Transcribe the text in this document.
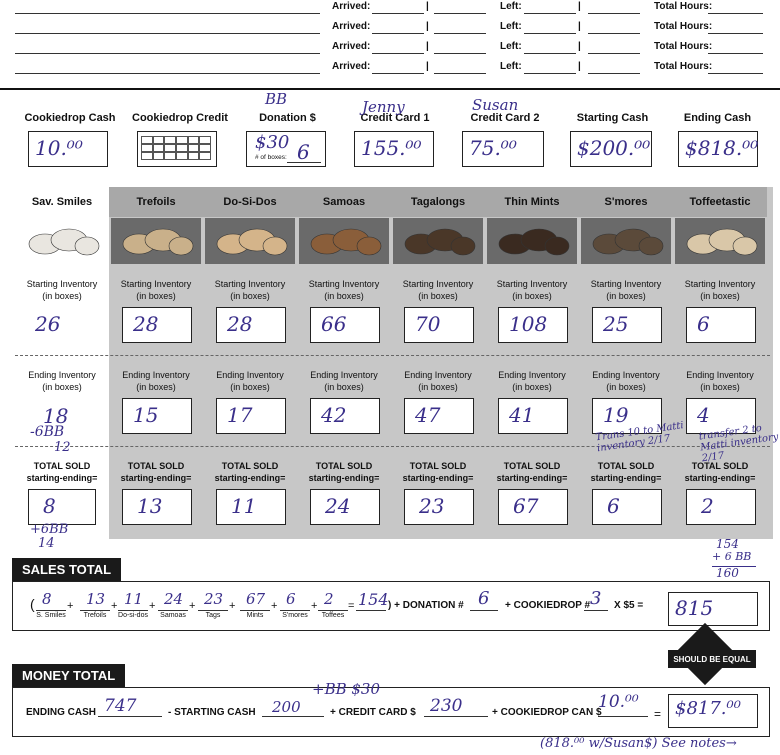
Arrived:	|	Left:	|	Total Hours:
Arrived:	|	Left:	|	Total Hours:
Arrived:	|	Left:	|	Total Hours:
Arrived:	|	Left:	|	Total Hours:
Cookiedrop Cash
10.⁰⁰
Cookiedrop Credit	Donation $
$30
# of boxes: 6
BB
Credit Card 1
155.⁰⁰
Jenny
Credit Card 2
75.⁰⁰
Susan
Starting Cash
$200.⁰⁰
Ending Cash
$818.⁰⁰
Sav. Smiles
Starting Inventory
(in boxes)
26
Ending Inventory
(in boxes)
18
TOTAL SOLD
starting-ending=
8
Trefoils
Starting Inventory
(in boxes)
28
Ending Inventory
(in boxes)
15
TOTAL SOLD
starting-ending=
13
Do-Si-Dos
Starting Inventory
(in boxes)
28
Ending Inventory
(in boxes)
17
TOTAL SOLD
starting-ending=
11
Samoas
Starting Inventory
(in boxes)
66
Ending Inventory
(in boxes)
42
TOTAL SOLD
starting-ending=
24
Tagalongs
Starting Inventory
(in boxes)
70
Ending Inventory
(in boxes)
47
TOTAL SOLD
starting-ending=
23
Thin Mints
Starting Inventory
(in boxes)
108
Ending Inventory
(in boxes)
41
TOTAL SOLD
starting-ending=
67
S'mores
Starting Inventory
(in boxes)
25
Ending Inventory
(in boxes)
19
TOTAL SOLD
starting-ending=
6
Toffeetastic
Starting Inventory
(in boxes)
6
Ending Inventory
(in boxes)
4
TOTAL SOLD
starting-ending=
2
-6BB
12
+6BB
14
Trans 10 to Matti inventory 2/17
transfer 2 to Matti inventory 2/17
SALES TOTAL
( 8
S. Smiles
+ 13
Trefoils
+ 11
Do-si-dos
+ 24
Samoas
+ 23
Tags
+ 67
Mints
+ 6
S'mores
+ 2
Toffees
= 154 ) + DONATION # 6 + COOKIEDROP # 3 X $5 = 815
154
+ 6 BB
160
SHOULD BE EQUAL
MONEY TOTAL
ENDING CASH 747	- STARTING CASH 200	+ CREDIT CARD $ 230	+ COOKIEDROP CAN $
10.⁰⁰
= $817.⁰⁰
+BB $30
(818.⁰⁰ w/Susan$) See notes→
